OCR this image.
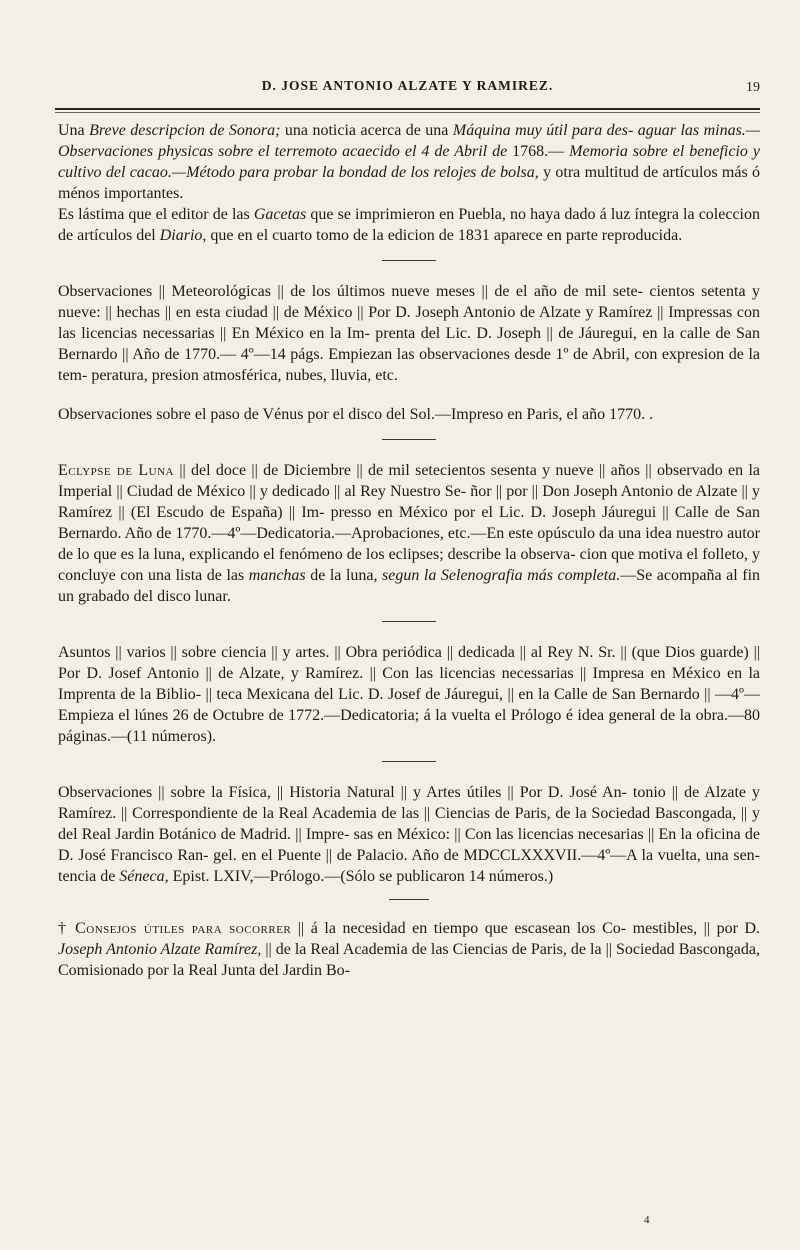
D. JOSE ANTONIO ALZATE Y RAMIREZ.	19

Una Breve descripcion de Sonora; una noticia acerca de una Máquina muy útil para des- aguar las minas.—Observaciones physicas sobre el terremoto acaecido el 4 de Abril de 1768.— Memoria sobre el beneficio y cultivo del cacao.—Método para probar la bondad de los relojes de bolsa, y otra multitud de artículos más ó ménos importantes.

Es lástima que el editor de las Gacetas que se imprimieron en Puebla, no haya dado á luz íntegra la coleccion de artículos del Diario, que en el cuarto tomo de la edicion de 1831 aparece en parte reproducida.

Observaciones || Meteorológicas || de los últimos nueve meses || de el año de mil sete- cientos setenta y nueve: || hechas || en esta ciudad || de México || Por D. Joseph Antonio de Alzate y Ramírez || Impressas con las licencias necessarias || En México en la Im- prenta del Lic. D. Joseph || de Jáuregui, en la calle de San Bernardo || Año de 1770.— 4º—14 págs. Empiezan las observaciones desde 1º de Abril, con expresion de la tem- peratura, presion atmosférica, nubes, lluvia, etc.

Observaciones sobre el paso de Vénus por el disco del Sol.—Impreso en Paris, el año 1770. .

Eclypse de Luna || del doce || de Diciembre || de mil setecientos sesenta y nueve || años || observado en la Imperial || Ciudad de México || y dedicado || al Rey Nuestro Se- ñor || por || Don Joseph Antonio de Alzate || y Ramírez || (El Escudo de España) || Im- presso en México por el Lic. D. Joseph Jáuregui || Calle de San Bernardo. Año de 1770.—4º—Dedicatoria.—Aprobaciones, etc.—En este opúsculo da una idea nuestro autor de lo que es la luna, explicando el fenómeno de los eclipses; describe la observa- cion que motiva el folleto, y concluye con una lista de las manchas de la luna, segun la Selenografia más completa.—Se acompaña al fin un grabado del disco lunar.

Asuntos || varios || sobre ciencia || y artes. || Obra periódica || dedicada || al Rey N. Sr. || (que Dios guarde) || Por D. Josef Antonio || de Alzate, y Ramírez. || Con las licencias necessarias || Impresa en México en la Imprenta de la Biblio- || teca Mexicana del Lic. D. Josef de Jáuregui, || en la Calle de San Bernardo || —4º—Empieza el lúnes 26 de Octubre de 1772.—Dedicatoria; á la vuelta el Prólogo é idea general de la obra.—80 páginas.—(11 números).

Observaciones || sobre la Física, || Historia Natural || y Artes útiles || Por D. José An- tonio || de Alzate y Ramírez. || Correspondiente de la Real Academia de las || Ciencias de Paris, de la Sociedad Bascongada, || y del Real Jardin Botánico de Madrid. || Impre- sas en México: || Con las licencias necesarias || En la oficina de D. José Francisco Ran- gel. en el Puente || de Palacio. Año de MDCCLXXXVII.—4º—A la vuelta, una sen- tencia de Séneca, Epist. LXIV,—Prólogo.—(Sólo se publicaron 14 números.)

† Consejos útiles para socorrer || á la necesidad en tiempo que escasean los Co- mestibles, || por D. Joseph Antonio Alzate Ramírez, || de la Real Academia de las Ciencias de Paris, de la || Sociedad Bascongada, Comisionado por la Real Junta del Jardin Bo-

4
